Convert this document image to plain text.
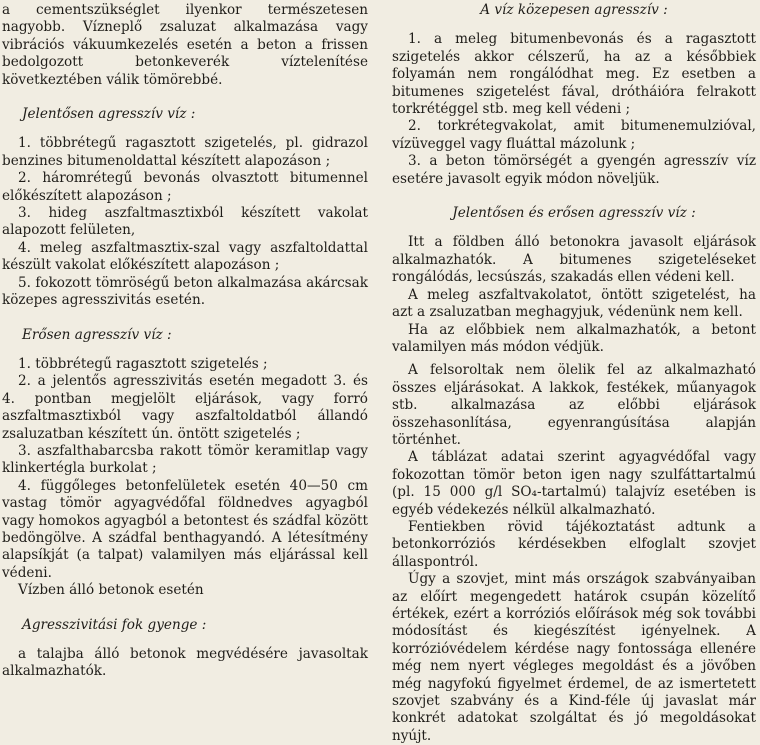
a cementszükséglet ilyenkor természetesen nagyobb. Vízneplő zsaluzat alkalmazása vagy vibrációs vákuumkezelés esetén a beton a frissen bedolgozott betonkeverék víztelenítése következtében válik tömörebbé.

Jelentősen agresszív víz :

1. többrétegű ragasztott szigetelés, pl. gidrazol benzines bitumenoldattal készített alapozáson ;

2. háromrétegű bevonás olvasztott bitumennel előkészített alapozáson ;

3. hideg aszfaltmasztixból készített vakolat alapozott felületen,

4. meleg aszfaltmasztix-szal vagy aszfaltoldattal készült vakolat előkészített alapozáson ;

5. fokozott tömröségű beton alkalmazása akárcsak közepes agresszivitás esetén.

Erősen agresszív víz :

1. többrétegű ragasztott szigetelés ;

2. a jelentős agresszivitás esetén megadott 3. és 4. pontban megjelölt eljárások, vagy forró aszfaltmasztixból vagy aszfaltoldatból állandó zsaluzatban készített ún. öntött szigetelés ;

3. aszfalthabarcsba rakott tömör keramitlap vagy klinkertégla burkolat ;

4. függőleges betonfelületek esetén 40—50 cm vastag tömör agyagvédőfal földnedves agyagból vagy homokos agyagból a betontest és szádfal között bedöngölve. A szádfal benthagyandó. A létesítmény alapsíkját (a talpat) valamilyen más eljárással kell védeni.

Vízben álló betonok esetén

Agresszivitási fok gyenge :

a talajba álló betonok megvédésére javasoltak alkalmazhatók.

A víz közepesen agresszív :

1. a meleg bitumenbevonás és a ragasztott szigetelés akkor célszerű, ha az a későbbiek folyamán nem rongálódhat meg. Ez esetben a bitumenes szigetelést fával, drótháióra felrakott torkrétéggel stb. meg kell védeni ;

2. torkrétegvakolat, amit bitumenemulzióval, vízüveggel vagy fluáttal mázolunk ;

3. a beton tömörségét a gyengén agresszív víz esetére javasolt egyik módon növeljük.

Jelentősen és erősen agresszív víz :

Itt a földben álló betonokra javasolt eljárások alkalmazhatók. A bitumenes szigeteléseket rongálódás, lecsúszás, szakadás ellen védeni kell.

A meleg aszfaltvakolatot, öntött szigetelést, ha azt a zsaluzatban meghagyjuk, védenünk nem kell.

Ha az előbbiek nem alkalmazhatók, a betont valamilyen más módon védjük.

A felsoroltak nem ölelik fel az alkalmazható összes eljárásokat. A lakkok, festékek, műanyagok stb. alkalmazása az előbbi eljárások összehasonlítása, egyenrangúsítása alapján történhet.

A táblázat adatai szerint agyagvédőfal vagy fokozottan tömör beton igen nagy szulfáttartalmú (pl. 15 000 g/l SO₄-tartalmú) talajvíz esetében is egyéb védekezés nélkül alkalmazható.

Fentiekben rövid tájékoztatást adtunk a betonkorróziós kérdésekben elfoglalt szovjet állaspontról.

Úgy a szovjet, mint más országok szabványaiban az előírt megengedett határok csupán közelítő értékek, ezért a korróziós előírások még sok további módosítást és kiegészítést igényelnek. A korrózióvédelem kérdése nagy fontossága ellenére még nem nyert végleges megoldást és a jövőben még nagyfokú figyelmet érdemel, de az ismertetett szovjet szabvány és a Kind-féle új javaslat már konkrét adatokat szolgáltat és jó megoldásokat nyújt.
